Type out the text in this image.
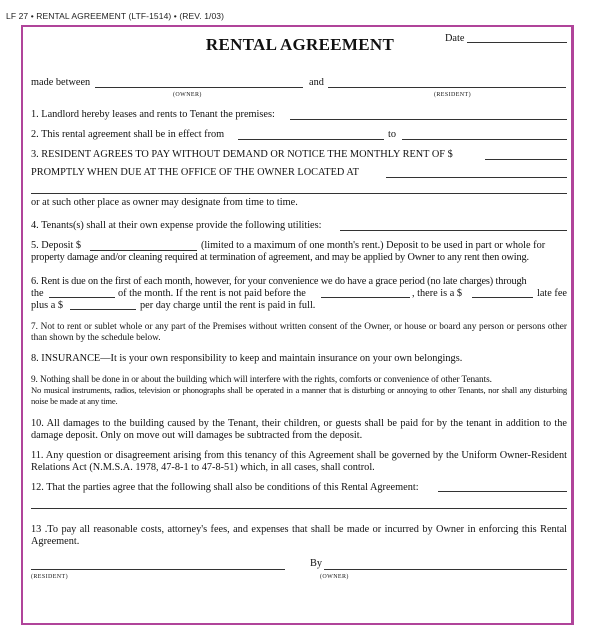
LF 27 • RENTAL AGREEMENT (LTF-1514) • (REV. 1/03)
RENTAL AGREEMENT	Date
made between	and
(OWNER)	(RESIDENT)
1. Landlord hereby leases and rents to Tenant the premises:
2. This rental agreement shall be in effect from	to
3. RESIDENT AGREES TO PAY WITHOUT DEMAND OR NOTICE THE MONTHLY RENT OF $
PROMPTLY WHEN DUE AT THE OFFICE OF THE OWNER LOCATED AT
or at such other place as owner may designate from time to time.
4. Tenants(s) shall at their own expense provide the following utilities:
5. Deposit $	(limited to a maximum of one month's rent.) Deposit to be used in part or whole for
property damage and/or cleaning required at termination of agreement, and may be applied by Owner to any rent then owing.
6. Rent is due on the first of each month, however, for your convenience we do have a grace period (no late charges) through
the	of the month. If the rent is not paid before the	, there is a $	late fee
plus a $	per day charge until the rent is paid in full.
7. Not to rent or sublet whole or any part of the Premises without written consent of the Owner, or house or board any person or persons other than shown by the schedule below.
8. INSURANCE—It is your own responsibility to keep and maintain insurance on your own belongings.
9. Nothing shall be done in or about the building which will interfere with the rights, comforts or convenience of other Tenants.
No musical instruments, radios, television or phonographs shall be operated in a manner that is disturbing or annoying to other Tenants, nor shall any disturbing noise be made at any time.
10. All damages to the building caused by the Tenant, their children, or guests shall be paid for by the tenant in addition to the damage deposit. Only on move out will damages be subtracted from the deposit.
11. Any question or disagreement arising from this tenancy of this Agreement shall be governed by the Uniform Owner-Resident Relations Act (N.M.S.A. 1978, 47-8-1 to 47-8-51) which, in all cases, shall control.
12. That the parties agree that the following shall also be conditions of this Rental Agreement:
13 .To pay all reasonable costs, attorney's fees, and expenses that shall be made or incurred by Owner in enforcing this Rental Agreement.
By
(RESIDENT)	(OWNER)
